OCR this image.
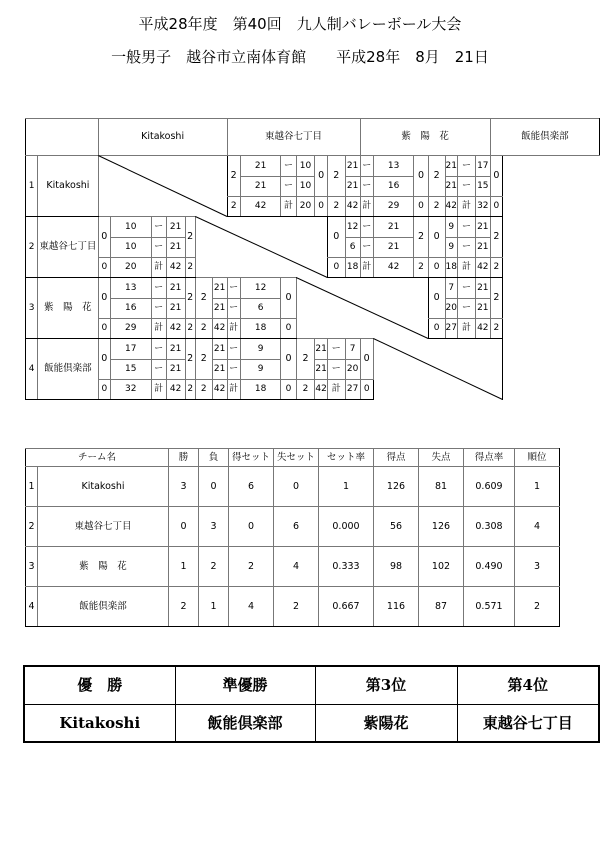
平成28年度　第40回　九人制バレーボール大会
一般男子　越谷市立南体育館　　平成28年　8月　21日
		Kitakoshi							東越谷七丁目							紫　陽　花							飯能倶楽部
1	Kitakoshi								2	21	ー	10	0	2	21	ー	13	0	2	21	ー	17	0
										21	ー	10			21	ー	16			21	ー	15	
									2	42	計	20	0	2	42	計	29	0	2	42	計	32	0
2	東越谷七丁目	0	10	ー	21	2								0	12	ー	21	2	0	9	ー	21	2
			10	ー	21										6	ー	21			9	ー	21	
		0	20	計	42	2								0	18	計	42	2	0	18	計	42	2
3	紫　陽　花	0	13	ー	21	2	2	21	ー	12	0								0	7	ー	21	2
			16	ー	21			21	ー	6										20	ー	21	
		0	29	計	42	2	2	42	計	18	0								0	27	計	42	2
4	飯能倶楽部	0	17	ー	21	2	2	21	ー	9	0	2	21	ー	7	0							
			15	ー	21			21	ー	9			21	ー	20								
		0	32	計	42	2	2	42	計	18	0	2	42	計	27	0							
チーム名		勝	負	得セット	失セット	セット率	得点	失点	得点率	順位
1	Kitakoshi	3	0	6	0	1	126	81	0.609	1
2	東越谷七丁目	0	3	0	6	0.000	56	126	0.308	4
3	紫　陽　花	1	2	2	4	0.333	98	102	0.490	3
4	飯能倶楽部	2	1	4	2	0.667	116	87	0.571	2
優　勝	準優勝	第3位	第4位
Kitakoshi	飯能倶楽部	紫陽花	東越谷七丁目
